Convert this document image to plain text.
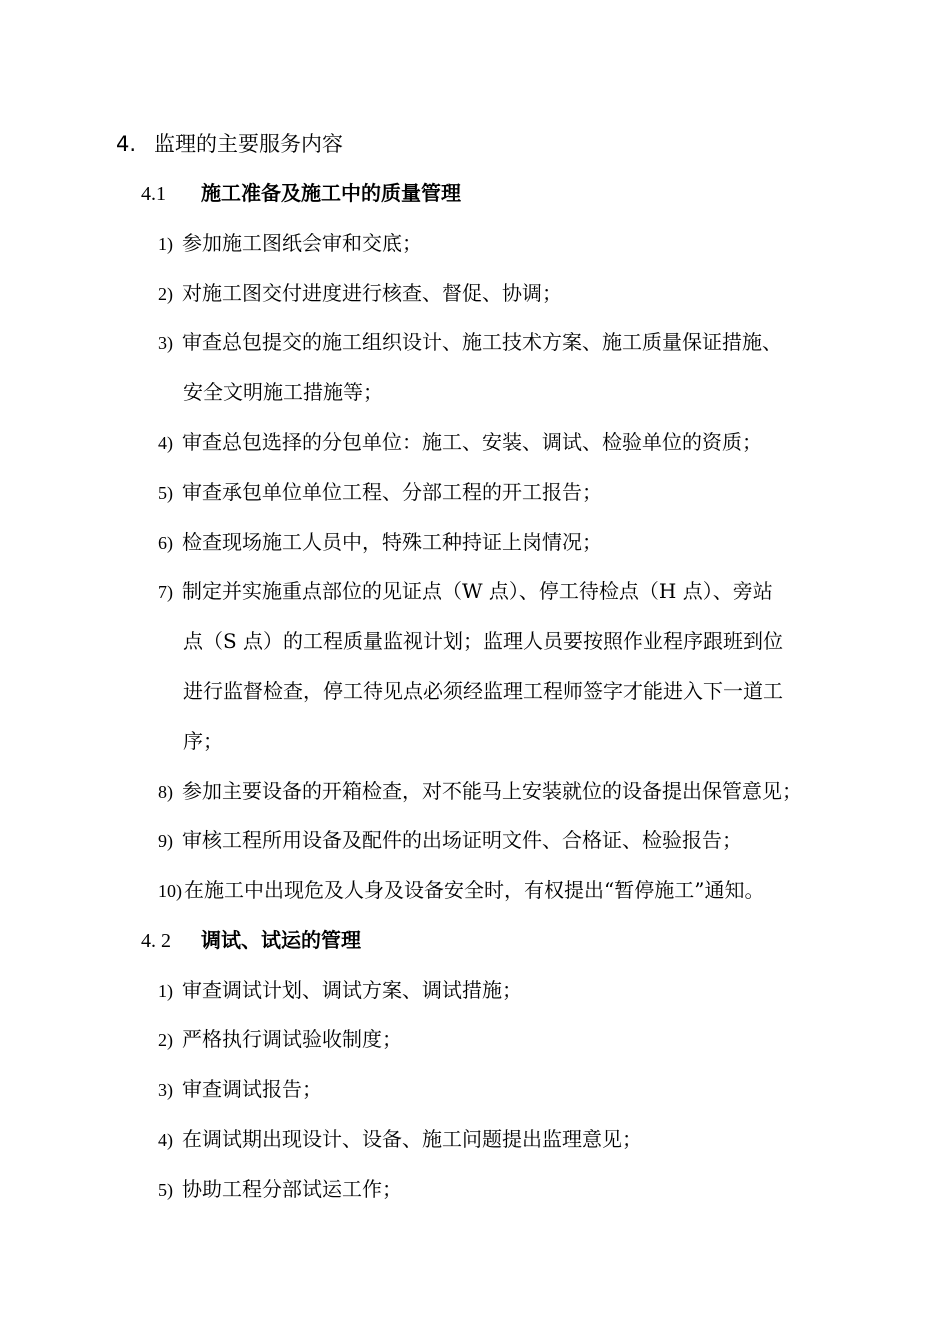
4. 监理的主要服务内容
4.1 施工准备及施工中的质量管理
1) 参加施工图纸会审和交底；
2) 对施工图交付进度进行核查、督促、协调；
3) 审查总包提交的施工组织设计、施工技术方案、施工质量保证措施、
安全文明施工措施等；
4) 审查总包选择的分包单位：施工、安装、调试、检验单位的资质；
5) 审查承包单位单位工程、分部工程的开工报告；
6) 检查现场施工人员中，特殊工种持证上岗情况；
7) 制定并实施重点部位的见证点（W 点）、停工待检点（H 点）、旁站
点（S 点）的工程质量监视计划；监理人员要按照作业程序跟班到位
进行监督检查，停工待见点必须经监理工程师签字才能进入下一道工
序；
8) 参加主要设备的开箱检查，对不能马上安装就位的设备提出保管意见；
9) 审核工程所用设备及配件的出场证明文件、合格证、检验报告；
10) 在施工中出现危及人身及设备安全时，有权提出“暂停施工”通知。
4. 2 调试、试运的管理
1) 审查调试计划、调试方案、调试措施；
2) 严格执行调试验收制度；
3) 审查调试报告；
4) 在调试期出现设计、设备、施工问题提出监理意见；
5) 协助工程分部试运工作；
